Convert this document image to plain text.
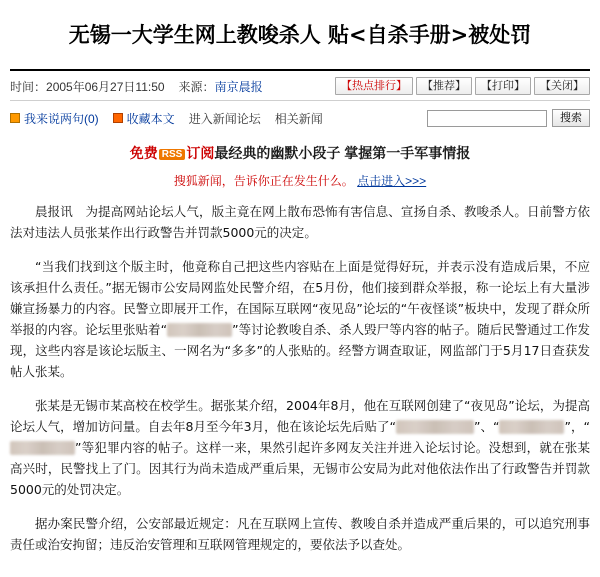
无锡一大学生网上教唆杀人 贴<自杀手册>被处罚
时间： 2005年06月27日11:50	来源： 南京晨报	【热点排行】	【推荐】	【打印】	【关闭】
我来说两句(0) 收藏本文 进入新闻论坛 相关新闻	搜索
免费 RSS 订阅最经典的幽默小段子 掌握第一手军事情报
搜狐新闻，告诉你正在发生什么。 点击进入>>>

晨报讯　为提高网站论坛人气，版主竟在网上散布恐怖有害信息、宣扬自杀、教唆杀人。日前警方依法对违法人员张某作出行政警告并罚款5000元的决定。

“当我们找到这个版主时，他竟称自己把这些内容贴在上面是觉得好玩，并表示没有造成后果，不应该承担什么责任。”据无锡市公安局网监处民警介绍，在5月份，他们接到群众举报，称一论坛上有大量涉嫌宣扬暴力的内容。民警立即展开工作，在国际互联网“夜见岛”论坛的“午夜怪谈”板块中，发现了群众所举报的内容。论坛里张贴着“	”等讨论教唆自杀、杀人毁尸等内容的帖子。随后民警通过工作发现，这些内容是该论坛版主、一网名为“多多”的人张贴的。经警方调查取证，网监部门于5月17日查获发帖人张某。

张某是无锡市某高校在校学生。据张某介绍，2004年8月，他在互联网创建了“夜见岛”论坛，为提高论坛人气，增加访问量。自去年8月至今年3月，他在该论坛先后贴了“	”、“	”，“”等犯罪内容的帖子。这样一来，果然引起许多网友关注并进入论坛讨论。没想到，就在张某高兴时，民警找上了门。因其行为尚未造成严重后果，无锡市公安局为此对他依法作出了行政警告并罚款5000元的处罚决定。

据办案民警介绍，公安部最近规定：凡在互联网上宣传、教唆自杀并造成严重后果的，可以追究刑事责任或治安拘留；违反治安管理和互联网管理规定的，要依法予以查处。
